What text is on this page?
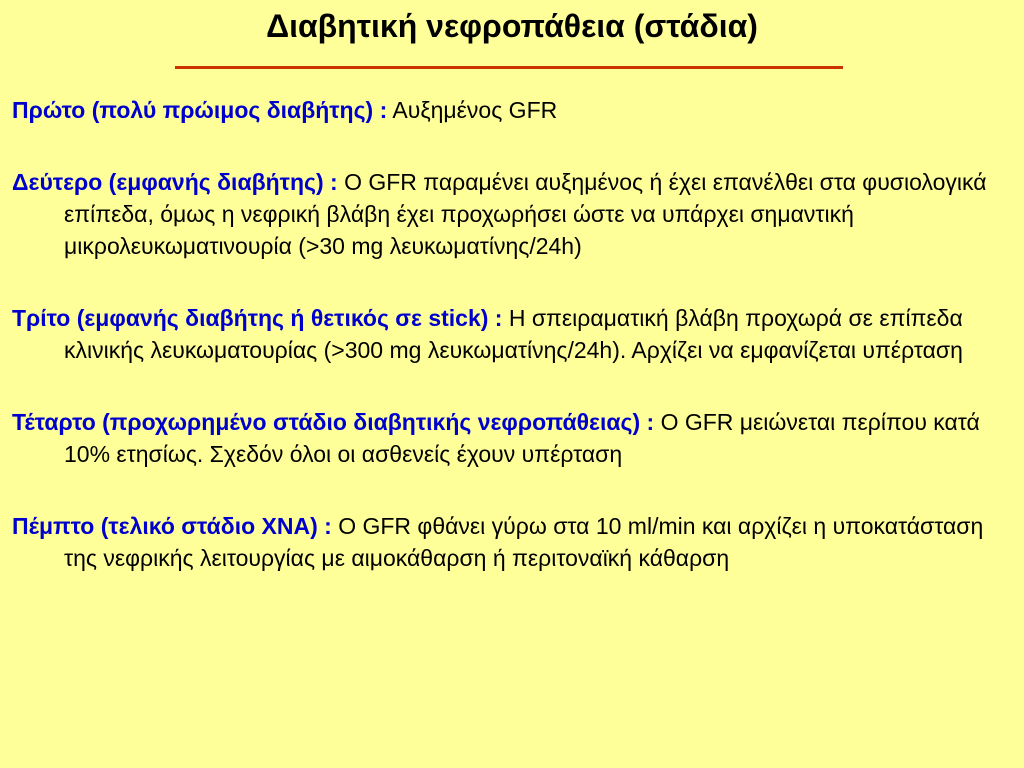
Διαβητική νεφροπάθεια (στάδια)

Πρώτο (πολύ πρώιμος διαβήτης) : Αυξημένος GFR

Δεύτερο (εμφανής διαβήτης) : O GFR παραμένει αυξημένος ή έχει επανέλθει στα φυσιολογικά επίπεδα, όμως η νεφρική βλάβη έχει προχωρήσει ώστε να υπάρχει σημαντική μικρολευκωματινουρία (>30 mg λευκωματίνης/24h)

Τρίτο (εμφανής διαβήτης ή θετικός σε stick) : Η σπειραματική βλάβη προχωρά σε επίπεδα κλινικής λευκωματουρίας (>300 mg λευκωματίνης/24h). Αρχίζει να εμφανίζεται υπέρταση

Τέταρτο (προχωρημένο στάδιο διαβητικής νεφροπάθειας) : O GFR μειώνεται περίπου κατά 10% ετησίως. Σχεδόν όλοι οι ασθενείς έχουν υπέρταση

Πέμπτο (τελικό στάδιο ΧΝΑ) : O GFR φθάνει γύρω στα 10 ml/min και αρχίζει η υποκατάσταση της νεφρικής λειτουργίας με αιμοκάθαρση ή περιτοναϊκή κάθαρση
